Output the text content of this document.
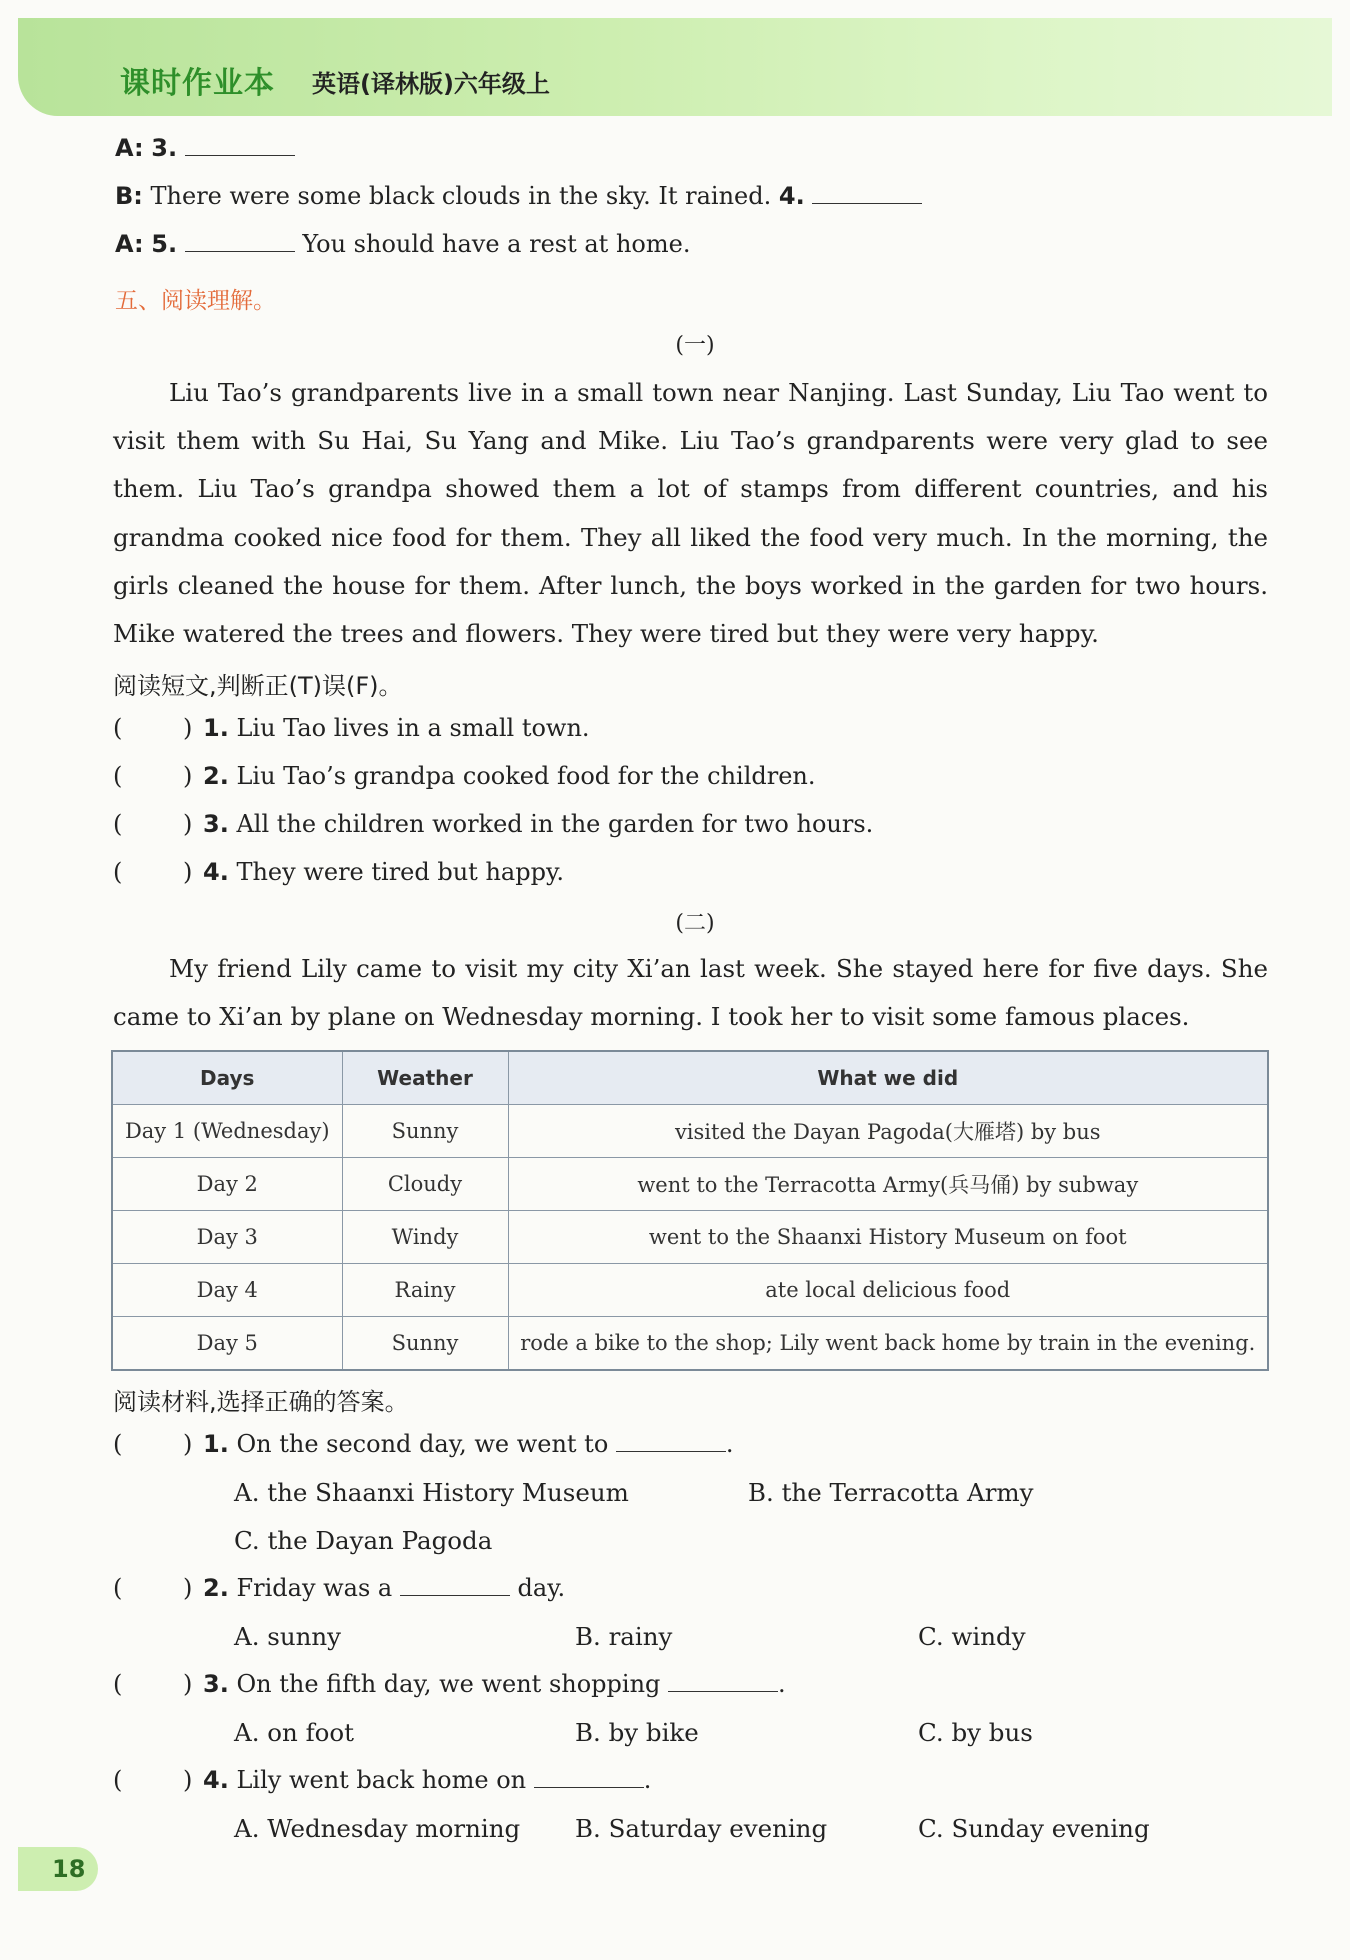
课时作业本 英语(译林版)六年级上
A: 3.
B: There were some black clouds in the sky. It rained. 4.
A: 5.	You should have a rest at home.
五、阅读理解。
(一)
Liu Tao’s grandparents live in a small town near Nanjing. Last Sunday, Liu Tao went to visit them with Su Hai, Su Yang and Mike. Liu Tao’s grandparents were very glad to see them. Liu Tao’s grandpa showed them a lot of stamps from different countries, and his grandma cooked nice food for them. They all liked the food very much. In the morning, the girls cleaned the house for them. After lunch, the boys worked in the garden for two hours. Mike watered the trees and flowers. They were tired but they were very happy.
阅读短文,判断正(T)误(F)。
(	) 1. Liu Tao lives in a small town.
(	) 2. Liu Tao’s grandpa cooked food for the children.
(	) 3. All the children worked in the garden for two hours.
(	) 4. They were tired but happy.
(二)
My friend Lily came to visit my city Xi’an last week. She stayed here for five days. She came to Xi’an by plane on Wednesday morning. I took her to visit some famous places.
Days	Weather	What we did
Day 1 (Wednesday)	Sunny	visited the Dayan Pagoda(大雁塔) by bus
Day 2	Cloudy	went to the Terracotta Army(兵马俑) by subway
Day 3	Windy	went to the Shaanxi History Museum on foot
Day 4	Rainy	ate local delicious food
Day 5	Sunny	rode a bike to the shop; Lily went back home by train in the evening.
阅读材料,选择正确的答案。
(	) 1. On the second day, we went to	.
A. the Shaanxi History Museum	B. the Terracotta Army
C. the Dayan Pagoda
(	) 2. Friday was a	day.
A. sunny	B. rainy	C. windy
(	) 3. On the fifth day, we went shopping	.
A. on foot	B. by bike	C. by bus
(	) 4. Lily went back home on	.
A. Wednesday morning B. Saturday evening	C. Sunday evening
18
